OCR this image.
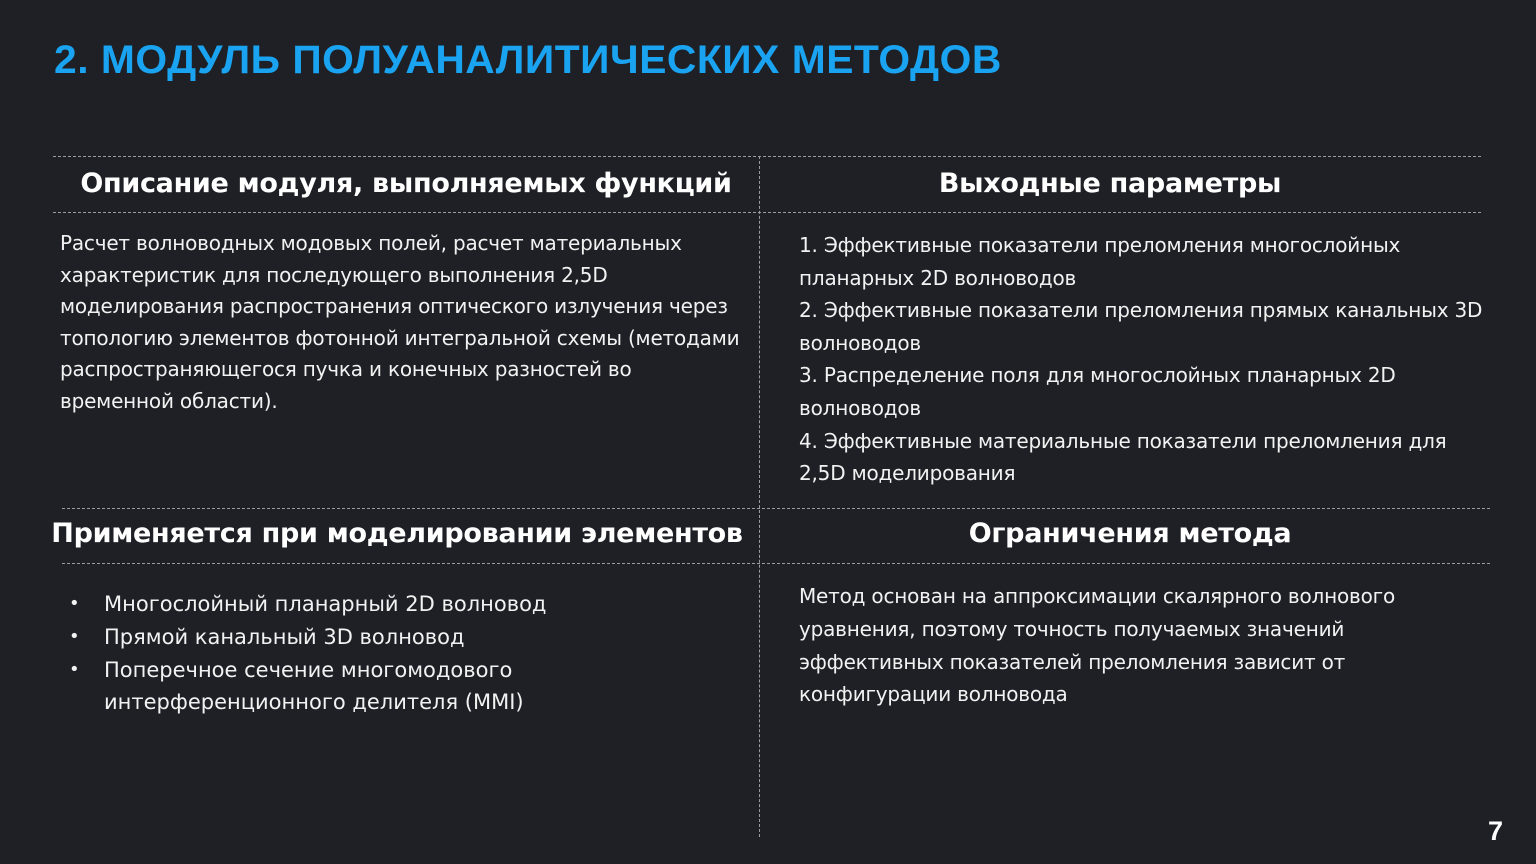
2. МОДУЛЬ ПОЛУАНАЛИТИЧЕСКИХ МЕТОДОВ
Описание модуля, выполняемых функций
Расчет волноводных модовых полей, расчет материальных характеристик для последующего выполнения 2,5D моделирования распространения оптического излучения через топологию элементов фотонной интегральной схемы (методами распространяющегося пучка и конечных разностей во временной области).
Выходные параметры
1. Эффективные показатели преломления многослойных планарных 2D волноводов
2. Эффективные показатели преломления прямых канальных 3D волноводов
3. Распределение поля для многослойных планарных 2D волноводов
4. Эффективные материальные показатели преломления для 2,5D моделирования
Применяется при моделировании элементов
• Многослойный планарный 2D волновод
• Прямой канальный 3D волновод
• Поперечное сечение многомодового интерференционного делителя (MMI)
Ограничения метода
Метод основан на аппроксимации скалярного волнового уравнения, поэтому точность получаемых значений эффективных показателей преломления зависит от конфигурации волновода
7
